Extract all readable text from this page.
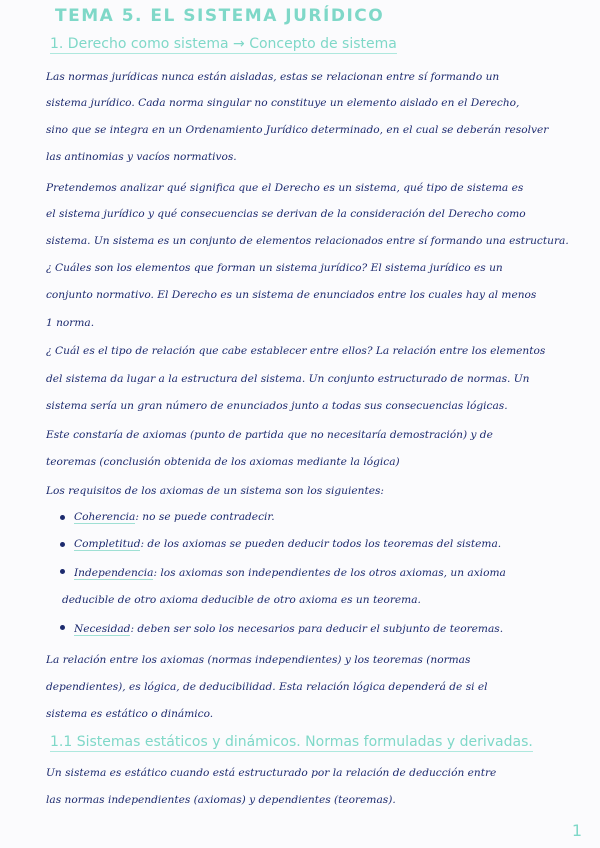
TEMA 5. EL SISTEMA JURÍDICO
1. Derecho como sistema → Concepto de sistema
Las normas jurídicas nunca están aisladas, estas se relacionan entre sí formando un
sistema jurídico. Cada norma singular no constituye un elemento aislado en el Derecho,
sino que se integra en un Ordenamiento Jurídico determinado, en el cual se deberán resolver
las antinomias y vacíos normativos.
Pretendemos analizar qué significa que el Derecho es un sistema, qué tipo de sistema es
el sistema jurídico y qué consecuencias se derivan de la consideración del Derecho como
sistema. Un sistema es un conjunto de elementos relacionados entre sí formando una estructura.
¿ Cuáles son los elementos que forman un sistema jurídico? El sistema jurídico es un
conjunto normativo. El Derecho es un sistema de enunciados entre los cuales hay al menos
1 norma.
¿ Cuál es el tipo de relación que cabe establecer entre ellos? La relación entre los elementos
del sistema da lugar a la estructura del sistema. Un conjunto estructurado de normas. Un
sistema sería un gran número de enunciados junto a todas sus consecuencias lógicas.
Este constaría de axiomas (punto de partida que no necesitaría demostración) y de
teoremas (conclusión obtenida de los axiomas mediante la lógica)
Los requisitos de los axiomas de un sistema son los siguientes:
Coherencia: no se puede contradecir.
Completitud: de los axiomas se pueden deducir todos los teoremas del sistema.
Independencia: los axiomas son independientes de los otros axiomas, un axioma
deducible de otro axioma deducible de otro axioma es un teorema.
Necesidad: deben ser solo los necesarios para deducir el subjunto de teoremas.
La relación entre los axiomas (normas independientes) y los teoremas (normas
dependientes), es lógica, de deducibilidad. Esta relación lógica dependerá de si el
sistema es estático o dinámico.
1.1 Sistemas estáticos y dinámicos. Normas formuladas y derivadas.
Un sistema es estático cuando está estructurado por la relación de deducción entre
las normas independientes (axiomas) y dependientes (teoremas).
1
